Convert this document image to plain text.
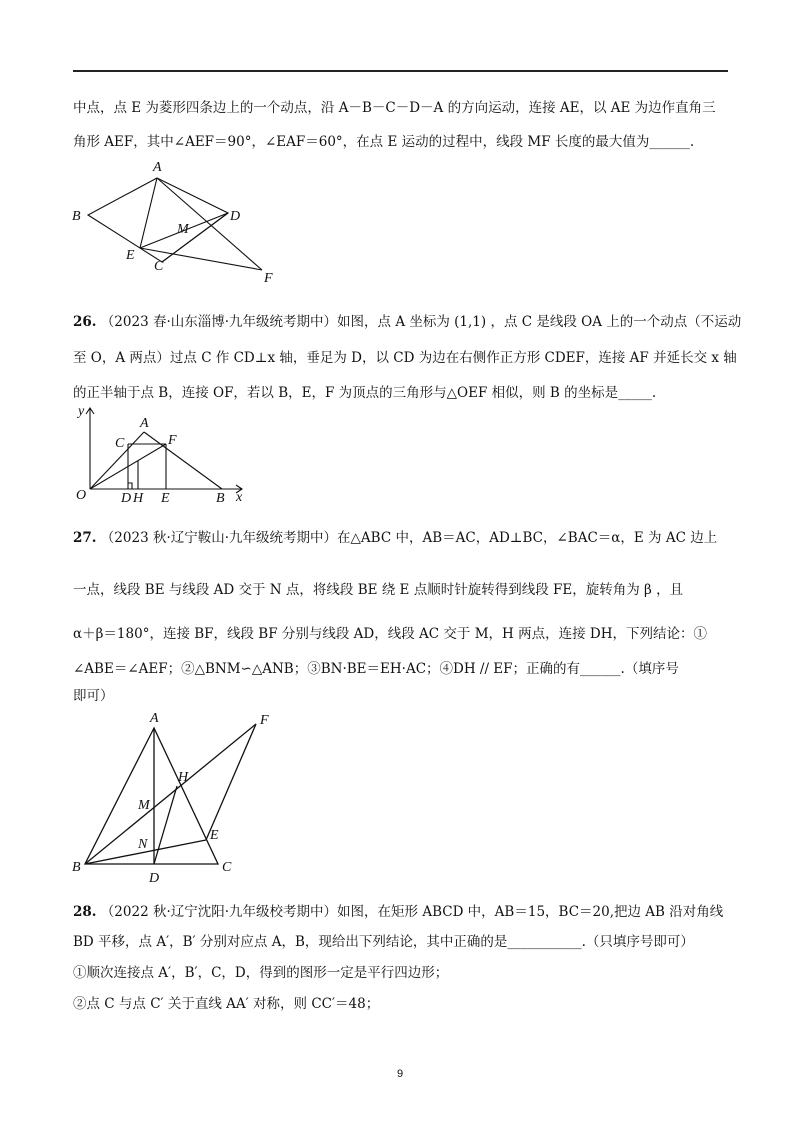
中点，点 E 为菱形四条边上的一个动点，沿 A－B－C－D－A 的方向运动，连接 AE，以 AE 为边作直角三
角形 AEF，其中∠AEF＝90°，∠EAF＝60°，在点 E 运动的过程中，线段 MF 长度的最大值为______.
A
B	D
M
E
C
F
26. （2023 春·山东淄博·九年级统考期中）如图，点 A 坐标为 (1,1) ，点 C 是线段 OA 上的一个动点（不运动
至 O，A 两点）过点 C 作 CD⊥x 轴，垂足为 D，以 CD 为边在右侧作正方形 CDEF，连接 AF 并延长交 x 轴
的正半轴于点 B，连接 OF，若以 B，E，F 为顶点的三角形与△OEF 相似，则 B 的坐标是_____.
y
A
C	F
O D H E	B x
27. （2023 秋·辽宁鞍山·九年级统考期中）在△ABC 中，AB＝AC，AD⊥BC，∠BAC＝α，E 为 AC 边上
一点，线段 BE 与线段 AD 交于 N 点，将线段 BE 绕 E 点顺时针旋转得到线段 FE，旋转角为 β ，且
α＋β＝180°，连接 BF，线段 BF 分别与线段 AD，线段 AC 交于 M，H 两点，连接 DH，下列结论：①
∠ABE＝∠AEF；②△BNM∽△ANB；③BN·BE＝EH·AC；④DH // EF；正确的有______.（填序号
即可）
A	F
H
M
E
N
B
D
C
28. （2022 秋·辽宁沈阳·九年级校考期中）如图，在矩形 ABCD 中，AB＝15，BC＝20,把边 AB 沿对角线
BD 平移，点 A′，B′ 分别对应点 A，B，现给出下列结论，其中正确的是___________.（只填序号即可）
①顺次连接点 A′，B′，C，D，得到的图形一定是平行四边形；
②点 C 与点 C′ 关于直线 AA′ 对称，则 CC′＝48；
9
